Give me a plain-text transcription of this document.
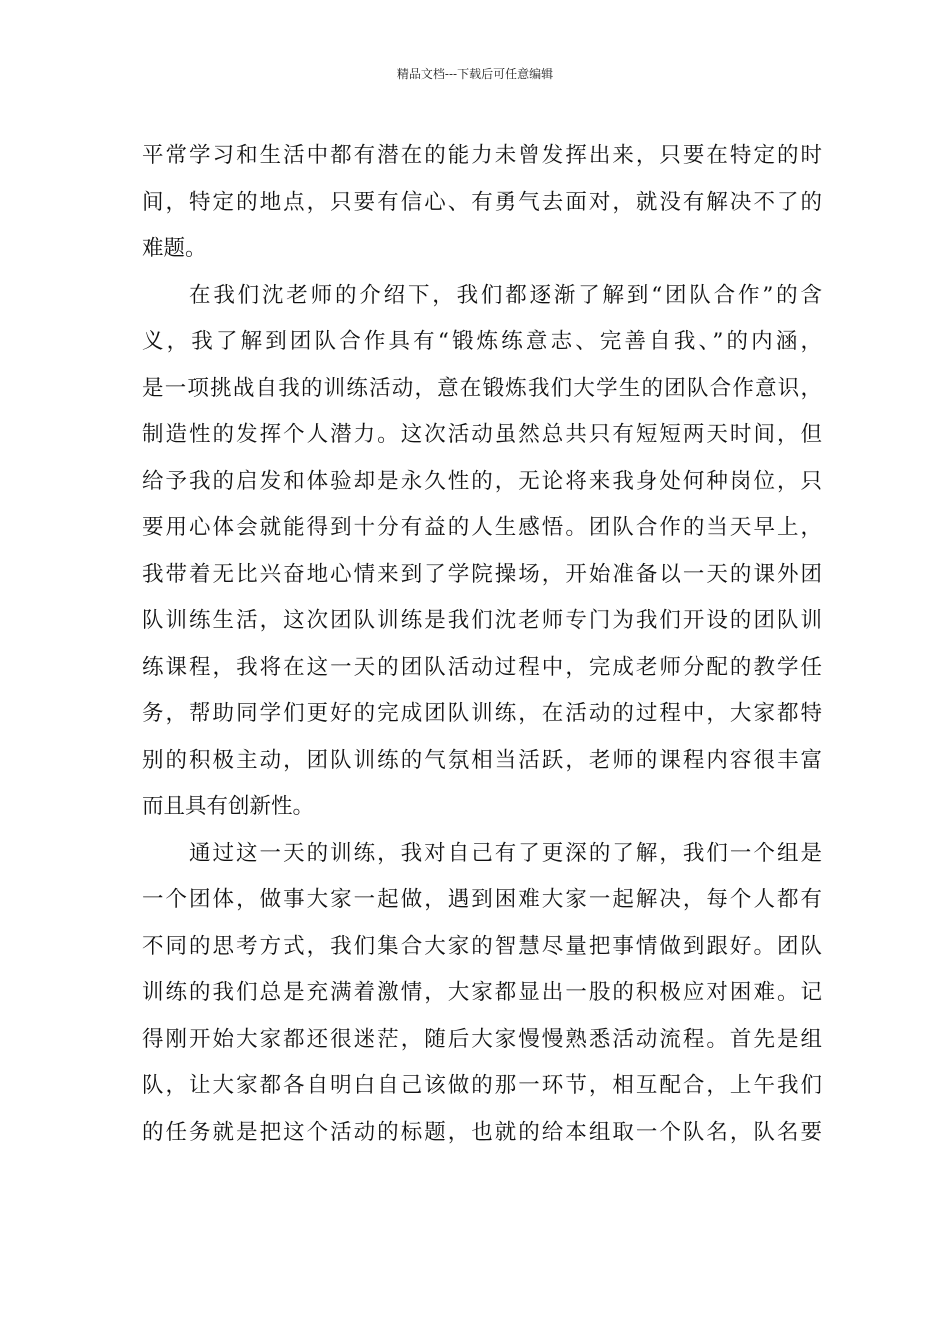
精品文档---下载后可任意编辑
平常学习和生活中都有潜在的能力未曾发挥出来，只要在特定的时
间，特定的地点，只要有信心、有勇气去面对，就没有解决不了的
难题。
在我们沈老师的介绍下，我们都逐渐了解到“团队合作”的含
义，我了解到团队合作具有“锻炼练意志、完善自我、”的内涵，
是一项挑战自我的训练活动，意在锻炼我们大学生的团队合作意识，
制造性的发挥个人潜力。这次活动虽然总共只有短短两天时间，但
给予我的启发和体验却是永久性的，无论将来我身处何种岗位，只
要用心体会就能得到十分有益的人生感悟。团队合作的当天早上，
我带着无比兴奋地心情来到了学院操场，开始准备以一天的课外团
队训练生活，这次团队训练是我们沈老师专门为我们开设的团队训
练课程，我将在这一天的团队活动过程中，完成老师分配的教学任
务，帮助同学们更好的完成团队训练，在活动的过程中，大家都特
别的积极主动，团队训练的气氛相当活跃，老师的课程内容很丰富
而且具有创新性。
通过这一天的训练，我对自己有了更深的了解，我们一个组是
一个团体，做事大家一起做，遇到困难大家一起解决，每个人都有
不同的思考方式，我们集合大家的智慧尽量把事情做到跟好。团队
训练的我们总是充满着激情，大家都显出一股的积极应对困难。记
得刚开始大家都还很迷茫，随后大家慢慢熟悉活动流程。首先是组
队，让大家都各自明白自己该做的那一环节，相互配合，上午我们
的任务就是把这个活动的标题，也就的给本组取一个队名，队名要
